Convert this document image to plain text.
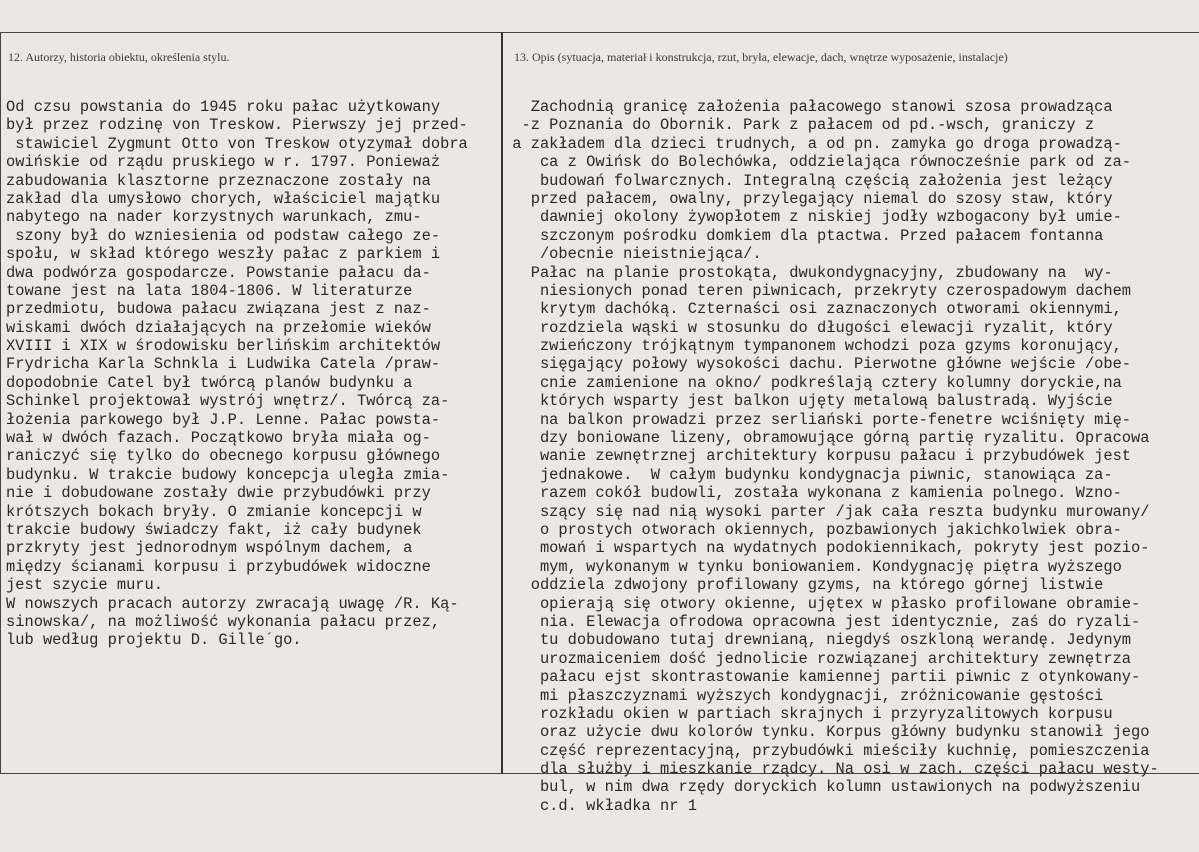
12. Autorzy, historia obiektu, określenia stylu.	13. Opis (sytuacja, materiał i konstrukcja, rzut, bryła, elewacje, dach, wnętrze wyposażenie, instalacje)
Od czsu powstania do 1945 roku pałac użytkowany
był przez rodzinę von Treskow. Pierwszy jej przed-
stawiciel Zygmunt Otto von Treskow otyzymał dobra
owińskie od rządu pruskiego w r. 1797. Ponieważ
zabudowania klasztorne przeznaczone zostały na
zakład dla umysłowo chorych, właściciel majątku
nabytego na nader korzystnych warunkach, zmu-
szony był do wzniesienia od podstaw całego ze-
społu, w skład którego weszły pałac z parkiem i
dwa podwórza gospodarcze. Powstanie pałacu da-
towane jest na lata 1804-1806. W literaturze
przedmiotu, budowa pałacu związana jest z naz-
wiskami dwóch działających na przełomie wieków
XVIII i XIX w środowisku berlińskim architektów
Frydricha Karla Schnkla i Ludwika Catela /praw-
dopodobnie Catel był twórcą planów budynku a
Schinkel projektował wystrój wnętrz/. Twórcą za-
łożenia parkowego był J.P. Lenne. Pałac powsta-
wał w dwóch fazach. Początkowo bryła miała og-
raniczyć się tylko do obecnego korpusu głównego
budynku. W trakcie budowy koncepcja uległa zmia-
nie i dobudowane zostały dwie przybudówki przy
krótszych bokach bryły. O zmianie koncepcji w
trakcie budowy świadczy fakt, iż cały budynek
przkryty jest jednorodnym wspólnym dachem, a
między ścianami korpusu i przybudówek widoczne
jest szycie muru.
W nowszych pracach autorzy zwracają uwagę /R. Ką-
sinowska/, na możliwość wykonania pałacu przez,
lub według projektu D. Gille´go.
Zachodnią granicę założenia pałacowego stanowi szosa prowadząca
-z Poznania do Obornik. Park z pałacem od pd.-wsch, graniczy z
a zakładem dla dzieci trudnych, a od pn. zamyka go droga prowadzą-
ca z Owińsk do Bolechówka, oddzielająca równocześnie park od za-
budowań folwarcznych. Integralną częścią założenia jest leżący
przed pałacem, owalny, przylegający niemal do szosy staw, który
dawniej okolony żywopłotem z niskiej jodły wzbogacony był umie-
szczonym pośrodku domkiem dla ptactwa. Przed pałacem fontanna
/obecnie nieistniejąca/.
Pałac na planie prostokąta, dwukondygnacyjny, zbudowany na  wy-
niesionych ponad teren piwnicach, przekryty czerospadowym dachem
krytym dachóką. Czternaści osi zaznaczonych otworami okiennymi,
rozdziela wąski w stosunku do długości elewacji ryzalit, który
zwieńczony trójkątnym tympanonem wchodzi poza gzyms koronujący,
sięgający połowy wysokości dachu. Pierwotne główne wejście /obe-
cnie zamienione na okno/ podkreślają cztery kolumny doryckie,na
których wsparty jest balkon ujęty metalową balustradą. Wyjście
na balkon prowadzi przez serliański porte-fenetre wciśnięty mię-
dzy boniowane lizeny, obramowujące górną partię ryzalitu. Opracowa
wanie zewnętrznej architektury korpusu pałacu i przybudówek jest
jednakowe.  W całym budynku kondygnacja piwnic, stanowiąca za-
razem cokół budowli, została wykonana z kamienia polnego. Wzno-
szący się nad nią wysoki parter /jak cała reszta budynku murowany/
o prostych otworach okiennych, pozbawionych jakichkolwiek obra-
mowań i wspartych na wydatnych podokiennikach, pokryty jest pozio-
mym, wykonanym w tynku boniowaniem. Kondygnację piętra wyższego
oddziela zdwojony profilowany gzyms, na którego górnej listwie
opierają się otwory okienne, ujętex w płasko profilowane obramie-
nia. Elewacja ofrodowa opracowna jest identycznie, zaś do ryzali-
tu dobudowano tutaj drewnianą, niegdyś oszkloną werandę. Jedynym
urozmaiceniem dość jednolicie rozwiązanej architektury zewnętrza
pałacu ejst skontrastowanie kamiennej partii piwnic z otynkowany-
mi płaszczyznami wyższych kondygnacji, zróżnicowanie gęstości
rozkładu okien w partiach skrajnych i przyryzalitowych korpusu
oraz użycie dwu kolorów tynku. Korpus główny budynku stanowił jego
część reprezentacyjną, przybudówki mieściły kuchnię, pomieszczenia
dla służby i mieszkanie rządcy. Na osi w zach. części pałacu westy-
bul, w nim dwa rzędy doryckich kolumn ustawionych na podwyższeniu
c.d. wkładka nr 1
